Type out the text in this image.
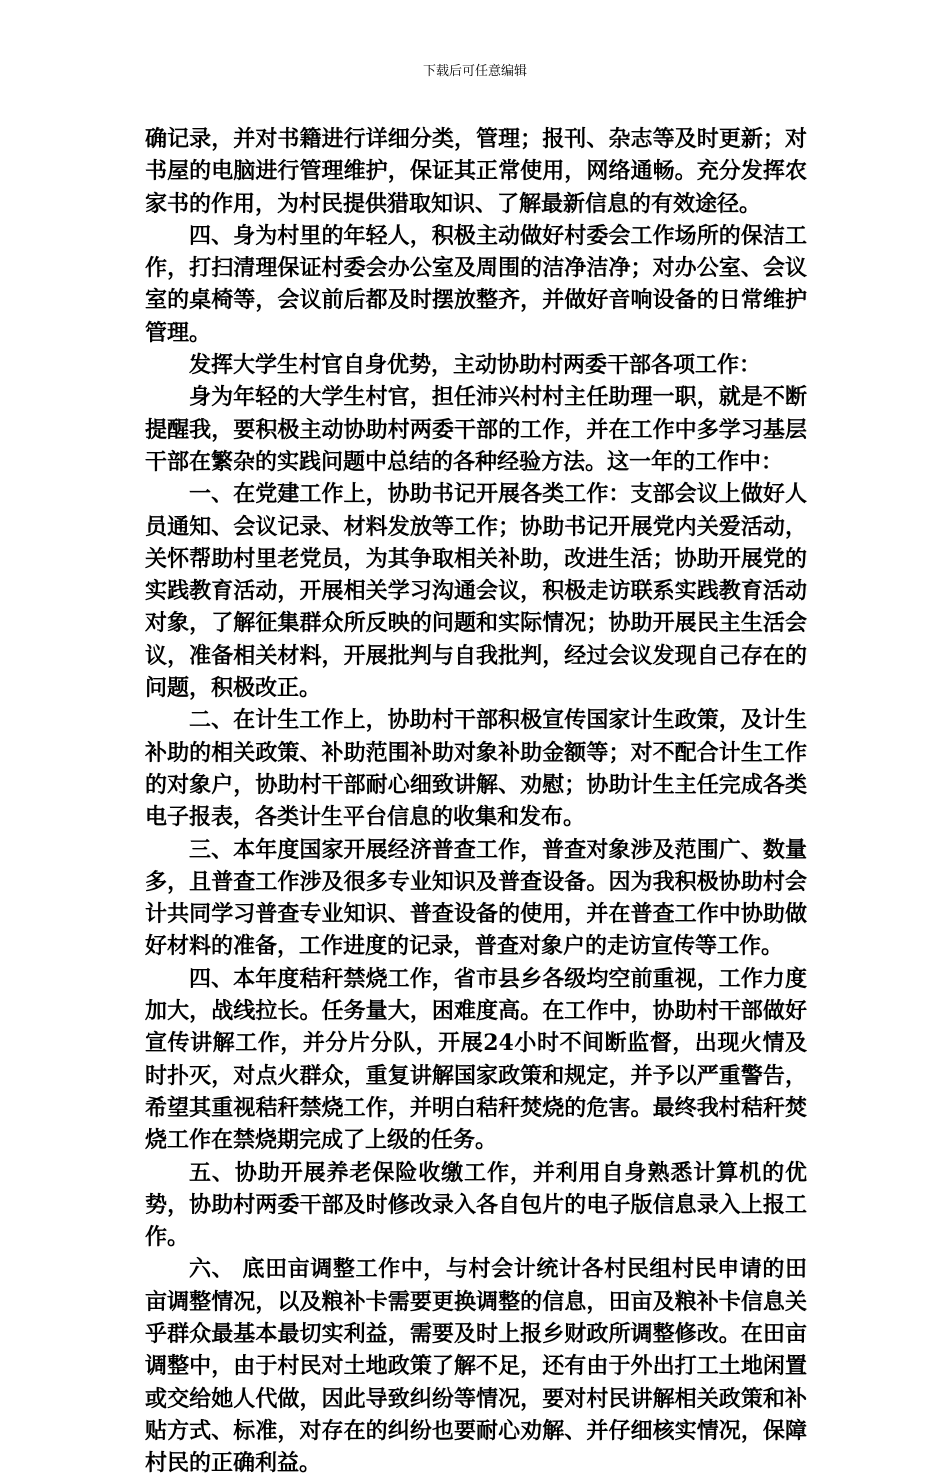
下载后可任意编辑

确记录，并对书籍进行详细分类，管理；报刊、杂志等及时更新；对书屋的电脑进行管理维护，保证其正常使用，网络通畅。充分发挥农家书的作用，为村民提供猎取知识、了解最新信息的有效途径。

四、身为村里的年轻人，积极主动做好村委会工作场所的保洁工作，打扫清理保证村委会办公室及周围的洁净洁净；对办公室、会议室的桌椅等，会议前后都及时摆放整齐，并做好音响设备的日常维护管理。

发挥大学生村官自身优势，主动协助村两委干部各项工作：

身为年轻的大学生村官，担任沛兴村村主任助理一职，就是不断提醒我，要积极主动协助村两委干部的工作，并在工作中多学习基层干部在繁杂的实践问题中总结的各种经验方法。这一年的工作中：

一、在党建工作上，协助书记开展各类工作：支部会议上做好人员通知、会议记录、材料发放等工作；协助书记开展党内关爱活动，关怀帮助村里老党员，为其争取相关补助，改进生活；协助开展党的实践教育活动，开展相关学习沟通会议，积极走访联系实践教育活动对象，了解征集群众所反映的问题和实际情况；协助开展民主生活会议，准备相关材料，开展批判与自我批判，经过会议发现自己存在的问题，积极改正。

二、在计生工作上，协助村干部积极宣传国家计生政策，及计生补助的相关政策、补助范围补助对象补助金额等；对不配合计生工作的对象户，协助村干部耐心细致讲解、劝慰；协助计生主任完成各类电子报表，各类计生平台信息的收集和发布。

三、本年度国家开展经济普查工作，普查对象涉及范围广、数量多，且普查工作涉及很多专业知识及普查设备。因为我积极协助村会计共同学习普查专业知识、普查设备的使用，并在普查工作中协助做好材料的准备，工作进度的记录，普查对象户的走访宣传等工作。

四、本年度秸秆禁烧工作，省市县乡各级均空前重视，工作力度加大，战线拉长。任务量大，困难度高。在工作中，协助村干部做好宣传讲解工作，并分片分队，开展24小时不间断监督，出现火情及时扑灭，对点火群众，重复讲解国家政策和规定，并予以严重警告，希望其重视秸秆禁烧工作，并明白秸秆焚烧的危害。最终我村秸秆焚烧工作在禁烧期完成了上级的任务。

五、协助开展养老保险收缴工作，并利用自身熟悉计算机的优势，协助村两委干部及时修改录入各自包片的电子版信息录入上报工作。

六、 底田亩调整工作中，与村会计统计各村民组村民申请的田亩调整情况，以及粮补卡需要更换调整的信息，田亩及粮补卡信息关乎群众最基本最切实利益，需要及时上报乡财政所调整修改。在田亩调整中，由于村民对土地政策了解不足，还有由于外出打工土地闲置或交给她人代做，因此导致纠纷等情况，要对村民讲解相关政策和补贴方式、标准，对存在的纠纷也要耐心劝解、并仔细核实情况，保障村民的正确利益。
